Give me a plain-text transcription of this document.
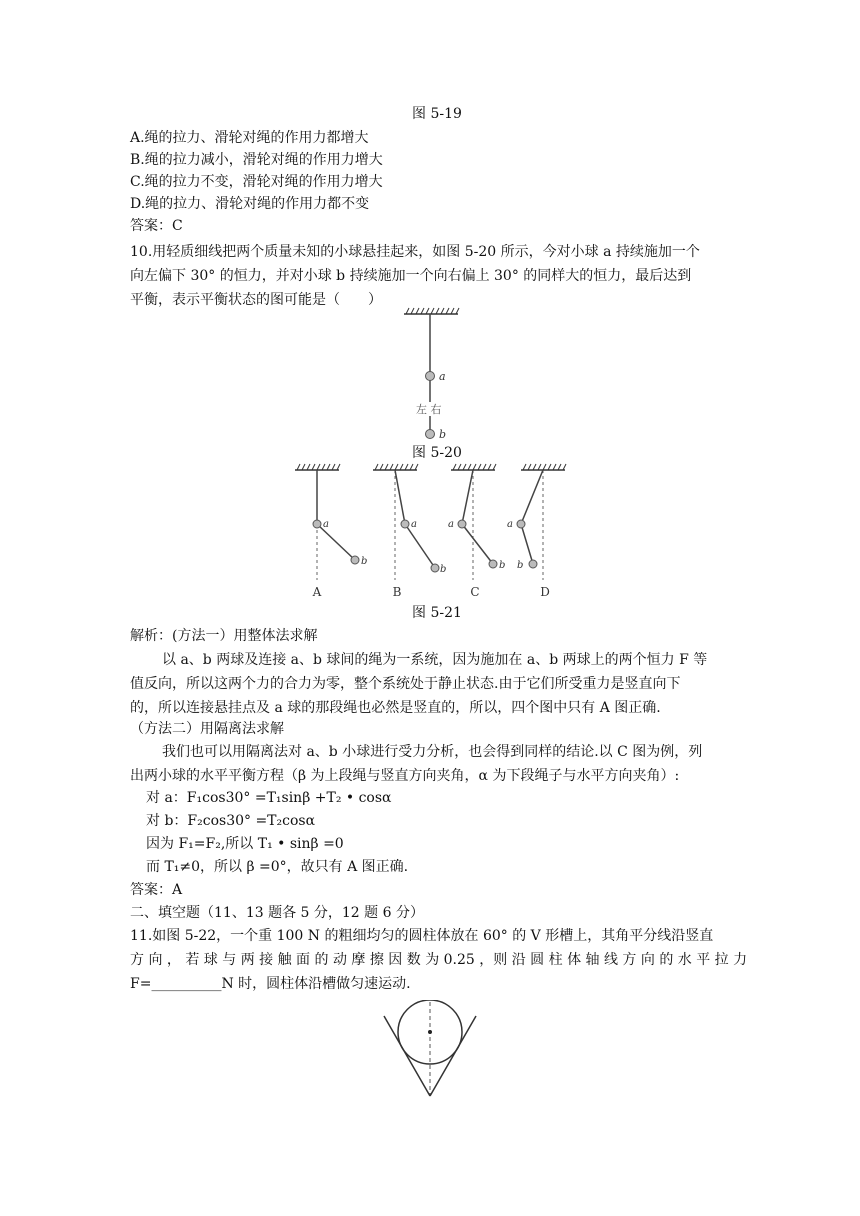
图 5-19
A.绳的拉力、滑轮对绳的作用力都增大
B.绳的拉力减小，滑轮对绳的作用力增大
C.绳的拉力不变，滑轮对绳的作用力增大
D.绳的拉力、滑轮对绳的作用力都不变
答案：C
10.用轻质细线把两个质量未知的小球悬挂起来，如图 5-20 所示，今对小球 a 持续施加一个
向左偏下 30° 的恒力，并对小球 b 持续施加一个向右偏上 30° 的同样大的恒力，最后达到
平衡，表示平衡状态的图可能是（　　）
a
b
左 右
图 5-20
a
b
A
a
b
B
a
b
C
a
b
D
图 5-21
解析：(方法一）用整体法求解
以 a、b 两球及连接 a、b 球间的绳为一系统，因为施加在 a、b 两球上的两个恒力 F 等
值反向，所以这两个力的合力为零，整个系统处于静止状态.由于它们所受重力是竖直向下
的，所以连接悬挂点及 a 球的那段绳也必然是竖直的，所以，四个图中只有 A 图正确.
（方法二）用隔离法求解
我们也可以用隔离法对 a、b 小球进行受力分析，也会得到同样的结论.以 C 图为例，列
出两小球的水平平衡方程（β 为上段绳与竖直方向夹角，α 为下段绳子与水平方向夹角）:
对 a：F₁cos30° =T₁sinβ +T₂ • cosα
对 b：F₂cos30° =T₂cosα
因为 F₁=F₂,所以 T₁ • sinβ =0
而 T₁≠0，所以 β =0°，故只有 A 图正确.
答案：A
二、填空题（11、13 题各 5 分，12 题 6 分）
11.如图 5-22，一个重 100 N 的粗细均匀的圆柱体放在 60° 的 V 形槽上，其角平分线沿竖直
方 向 ， 若 球 与 两 接 触 面 的 动 摩 擦 因 数 为 0.25 ，则 沿 圆 柱 体 轴 线 方 向 的 水 平 拉 力
F=__________N 时，圆柱体沿槽做匀速运动.
